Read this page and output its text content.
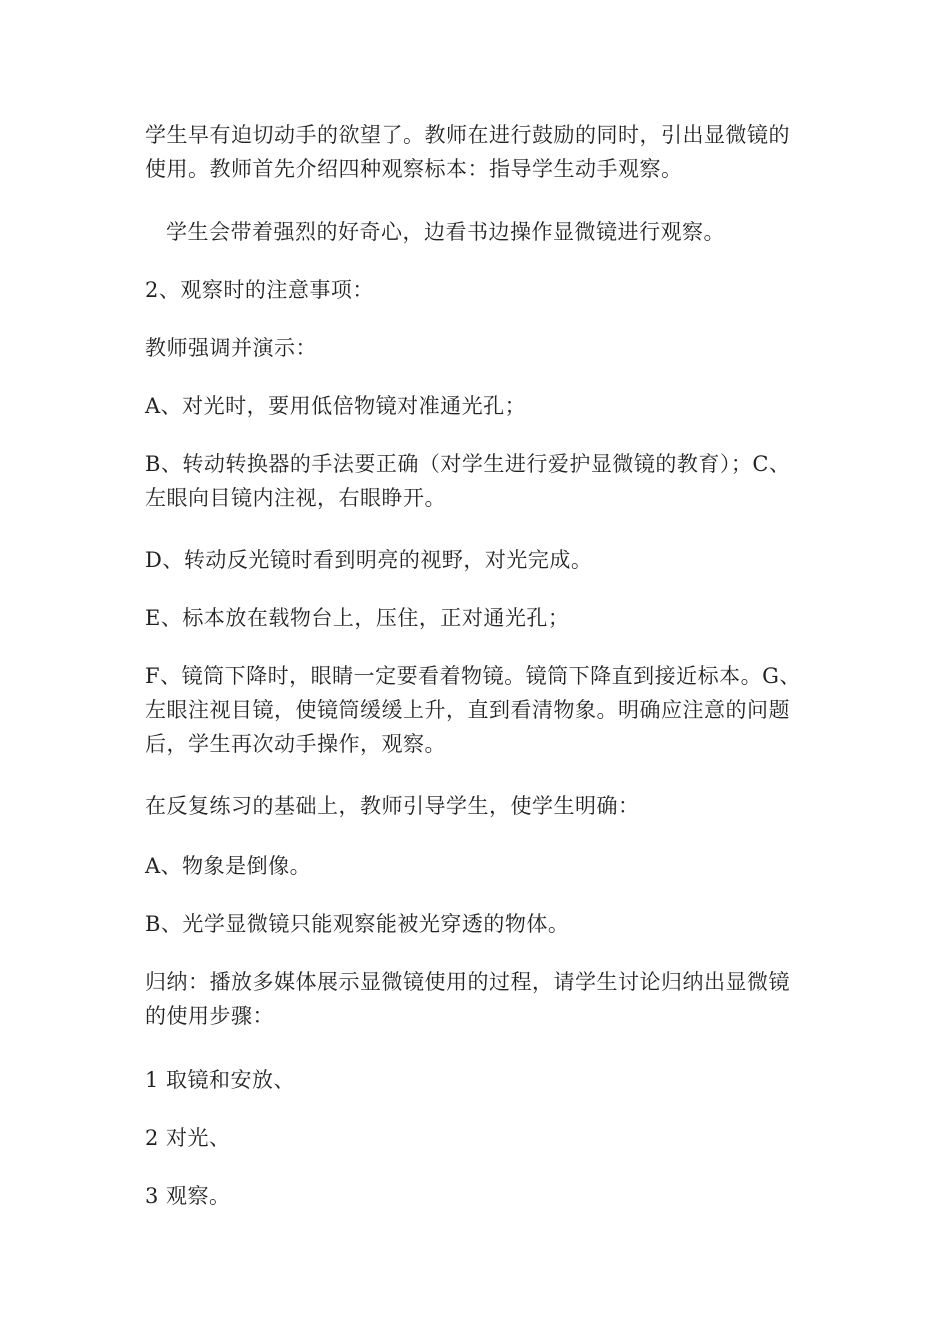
学生早有迫切动手的欲望了。教师在进行鼓励的同时，引出显微镜的使用。教师首先介绍四种观察标本：指导学生动手观察。

学生会带着强烈的好奇心，边看书边操作显微镜进行观察。

2、观察时的注意事项：

教师强调并演示：

A、对光时，要用低倍物镜对准通光孔；

B、转动转换器的手法要正确（对学生进行爱护显微镜的教育）；C、左眼向目镜内注视，右眼睁开。

D、转动反光镜时看到明亮的视野，对光完成。

E、标本放在载物台上，压住，正对通光孔；

F、镜筒下降时，眼睛一定要看着物镜。镜筒下降直到接近标本。G、左眼注视目镜，使镜筒缓缓上升，直到看清物象。明确应注意的问题后，学生再次动手操作，观察。

在反复练习的基础上，教师引导学生，使学生明确：

A、物象是倒像。

B、光学显微镜只能观察能被光穿透的物体。

归纳：播放多媒体展示显微镜使用的过程，请学生讨论归纳出显微镜的使用步骤：

1 取镜和安放、

2 对光、

3 观察。
